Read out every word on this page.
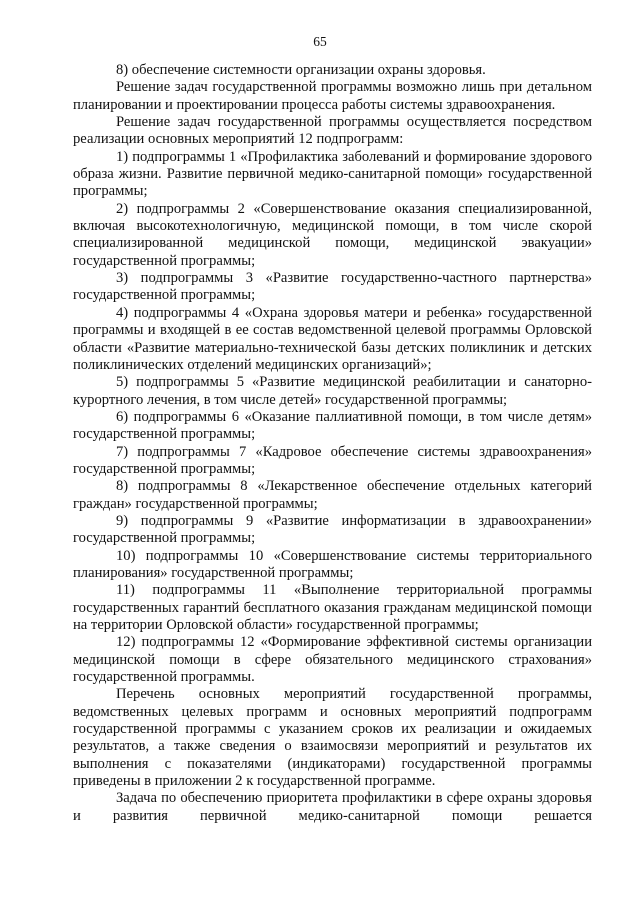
65

8) обеспечение системности организации охраны здоровья.

Решение задач государственной программы возможно лишь при детальном планировании и проектировании процесса работы системы здравоохранения.

Решение задач государственной программы осуществляется посредством реализации основных мероприятий 12 подпрограмм:

1) подпрограммы 1 «Профилактика заболеваний и формирование здорового образа жизни. Развитие первичной медико-санитарной помощи» государственной программы;

2) подпрограммы 2 «Совершенствование оказания специализированной, включая высокотехнологичную, медицинской помощи, в том числе скорой специализированной медицинской помощи, медицинской эвакуации» государственной программы;

3) подпрограммы 3 «Развитие государственно-частного партнерства» государственной программы;

4) подпрограммы 4 «Охрана здоровья матери и ребенка» государственной программы и входящей в ее состав ведомственной целевой программы Орловской области «Развитие материально-технической базы детских поликлиник и детских поликлинических отделений медицинских организаций»;

5) подпрограммы 5 «Развитие медицинской реабилитации и санаторно-курортного лечения, в том числе детей» государственной программы;

6) подпрограммы 6 «Оказание паллиативной помощи, в том числе детям» государственной программы;

7) подпрограммы 7 «Кадровое обеспечение системы здравоохранения» государственной программы;

8) подпрограммы 8 «Лекарственное обеспечение отдельных категорий граждан» государственной программы;

9) подпрограммы 9 «Развитие информатизации в здравоохранении» государственной программы;

10) подпрограммы 10 «Совершенствование системы территориального планирования» государственной программы;

11) подпрограммы 11 «Выполнение территориальной программы государственных гарантий бесплатного оказания гражданам медицинской помощи на территории Орловской области» государственной программы;

12) подпрограммы 12 «Формирование эффективной системы организации медицинской помощи в сфере обязательного медицинского страхования» государственной программы.

Перечень основных мероприятий государственной программы, ведомственных целевых программ и основных мероприятий подпрограмм государственной программы с указанием сроков их реализации и ожидаемых результатов, а также сведения о взаимосвязи мероприятий и результатов их выполнения с показателями (индикаторами) государственной программы приведены в приложении 2 к государственной программе.

Задача по обеспечению приоритета профилактики в сфере охраны здоровья и развития первичной медико-санитарной помощи решается
